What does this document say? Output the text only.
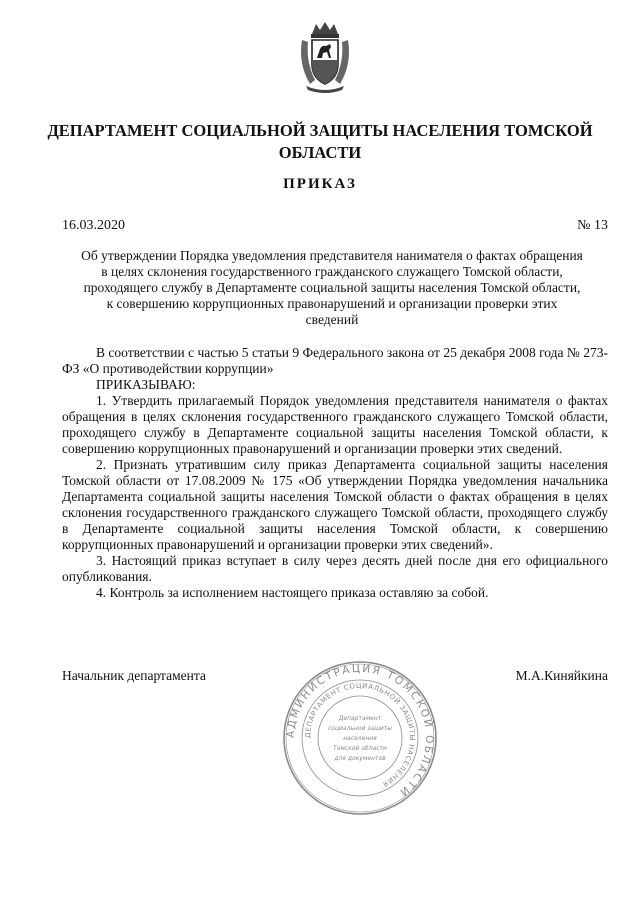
ДЕПАРТАМЕНТ СОЦИАЛЬНОЙ ЗАЩИТЫ НАСЕЛЕНИЯ ТОМСКОЙ ОБЛАСТИ
ПРИКАЗ
16.03.2020	№ 13
Об утверждении Порядка уведомления представителя нанимателя о фактах обращения в целях склонения государственного гражданского служащего Томской области, проходящего службу в Департаменте социальной защиты населения Томской области, к совершению коррупционных правонарушений и организации проверки этих сведений

В соответствии с частью 5 статьи 9 Федерального закона от 25 декабря 2008 года № 273-ФЗ «О противодействии коррупции»

ПРИКАЗЫВАЮ:

1. Утвердить прилагаемый Порядок уведомления представителя нанимателя о фактах обращения в целях склонения государственного гражданского служащего Томской области, проходящего службу в Департаменте социальной защиты населения Томской области, к совершению коррупционных правонарушений и организации проверки этих сведений.

2. Признать утратившим силу приказ Департамента социальной защиты населения Томской области от 17.08.2009 № 175 «Об утверждении Порядка уведомления начальника Департамента социальной защиты населения Томской области о фактах обращения в целях склонения государственного гражданского служащего Томской области, проходящего службу в Департаменте социальной защиты населения Томской области, к совершению коррупционных правонарушений и организации проверки этих сведений».

3. Настоящий приказ вступает в силу через десять дней после дня его официального опубликования.

4. Контроль за исполнением настоящего приказа оставляю за собой.

Начальник департамента	М.А.Киняйкина
АДМИНИСТРАЦИЯ ТОМСКОЙ ОБЛАСТИ
ДЕПАРТАМЕНТ СОЦИАЛЬНОЙ ЗАЩИТЫ НАСЕЛЕНИЯ
Департамент
социальной защиты
населения
Томской области
для документов
